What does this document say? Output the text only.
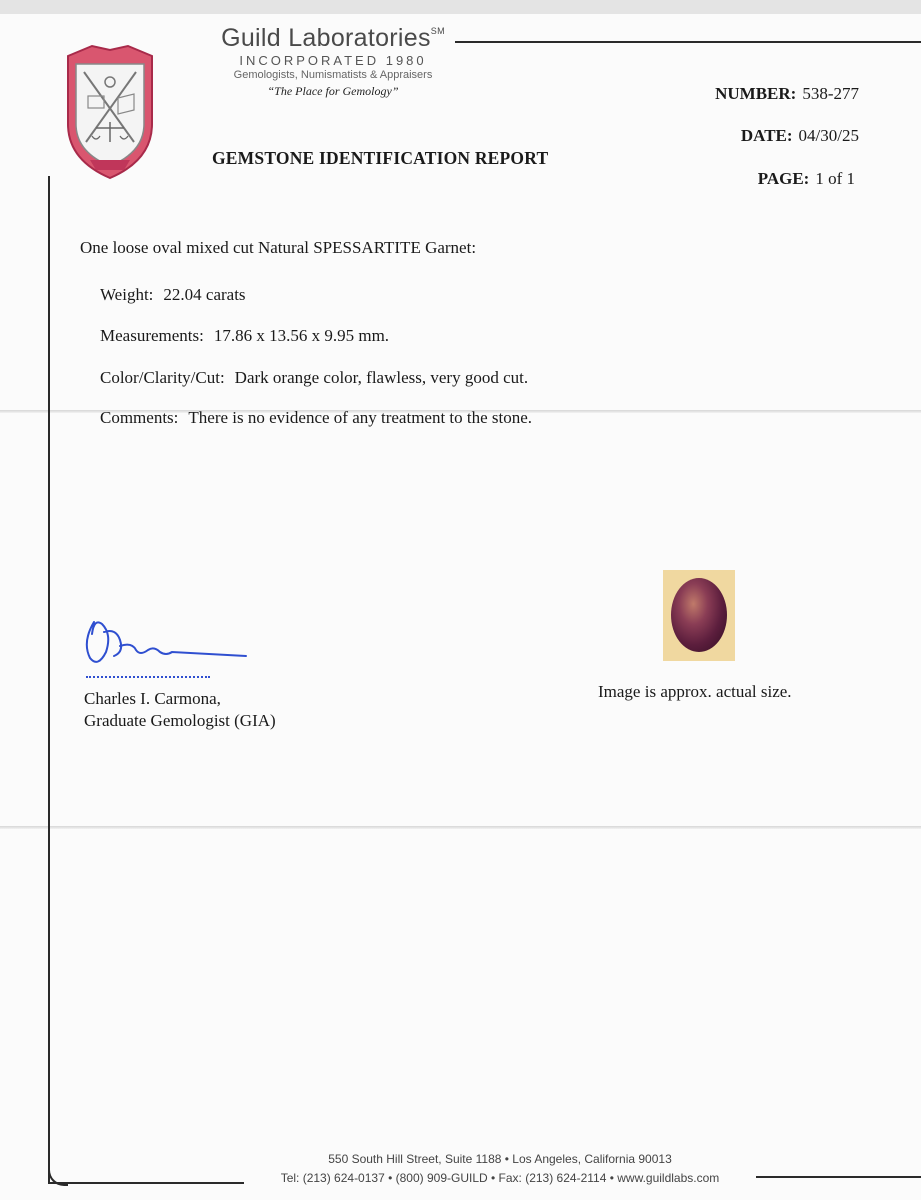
Guild Laboratories℠
INCORPORATED 1980
Gemologists, Numismatists & Appraisers
“The Place for Gemology”
GEMSTONE IDENTIFICATION REPORT
NUMBER: 538-277
DATE: 04/30/25
PAGE: 1 of 1
One loose oval mixed cut Natural SPESSARTITE Garnet:
Weight: 22.04 carats
Measurements: 17.86 x 13.56 x 9.95 mm.
Color/Clarity/Cut: Dark orange color, flawless, very good cut.
Comments: There is no evidence of any treatment to the stone.
Charles I. Carmona,
Graduate Gemologist (GIA)
Image is approx. actual size.
550 South Hill Street, Suite 1188 • Los Angeles, California 90013
Tel: (213) 624-0137 • (800) 909-GUILD • Fax: (213) 624-2114 • www.guildlabs.com
